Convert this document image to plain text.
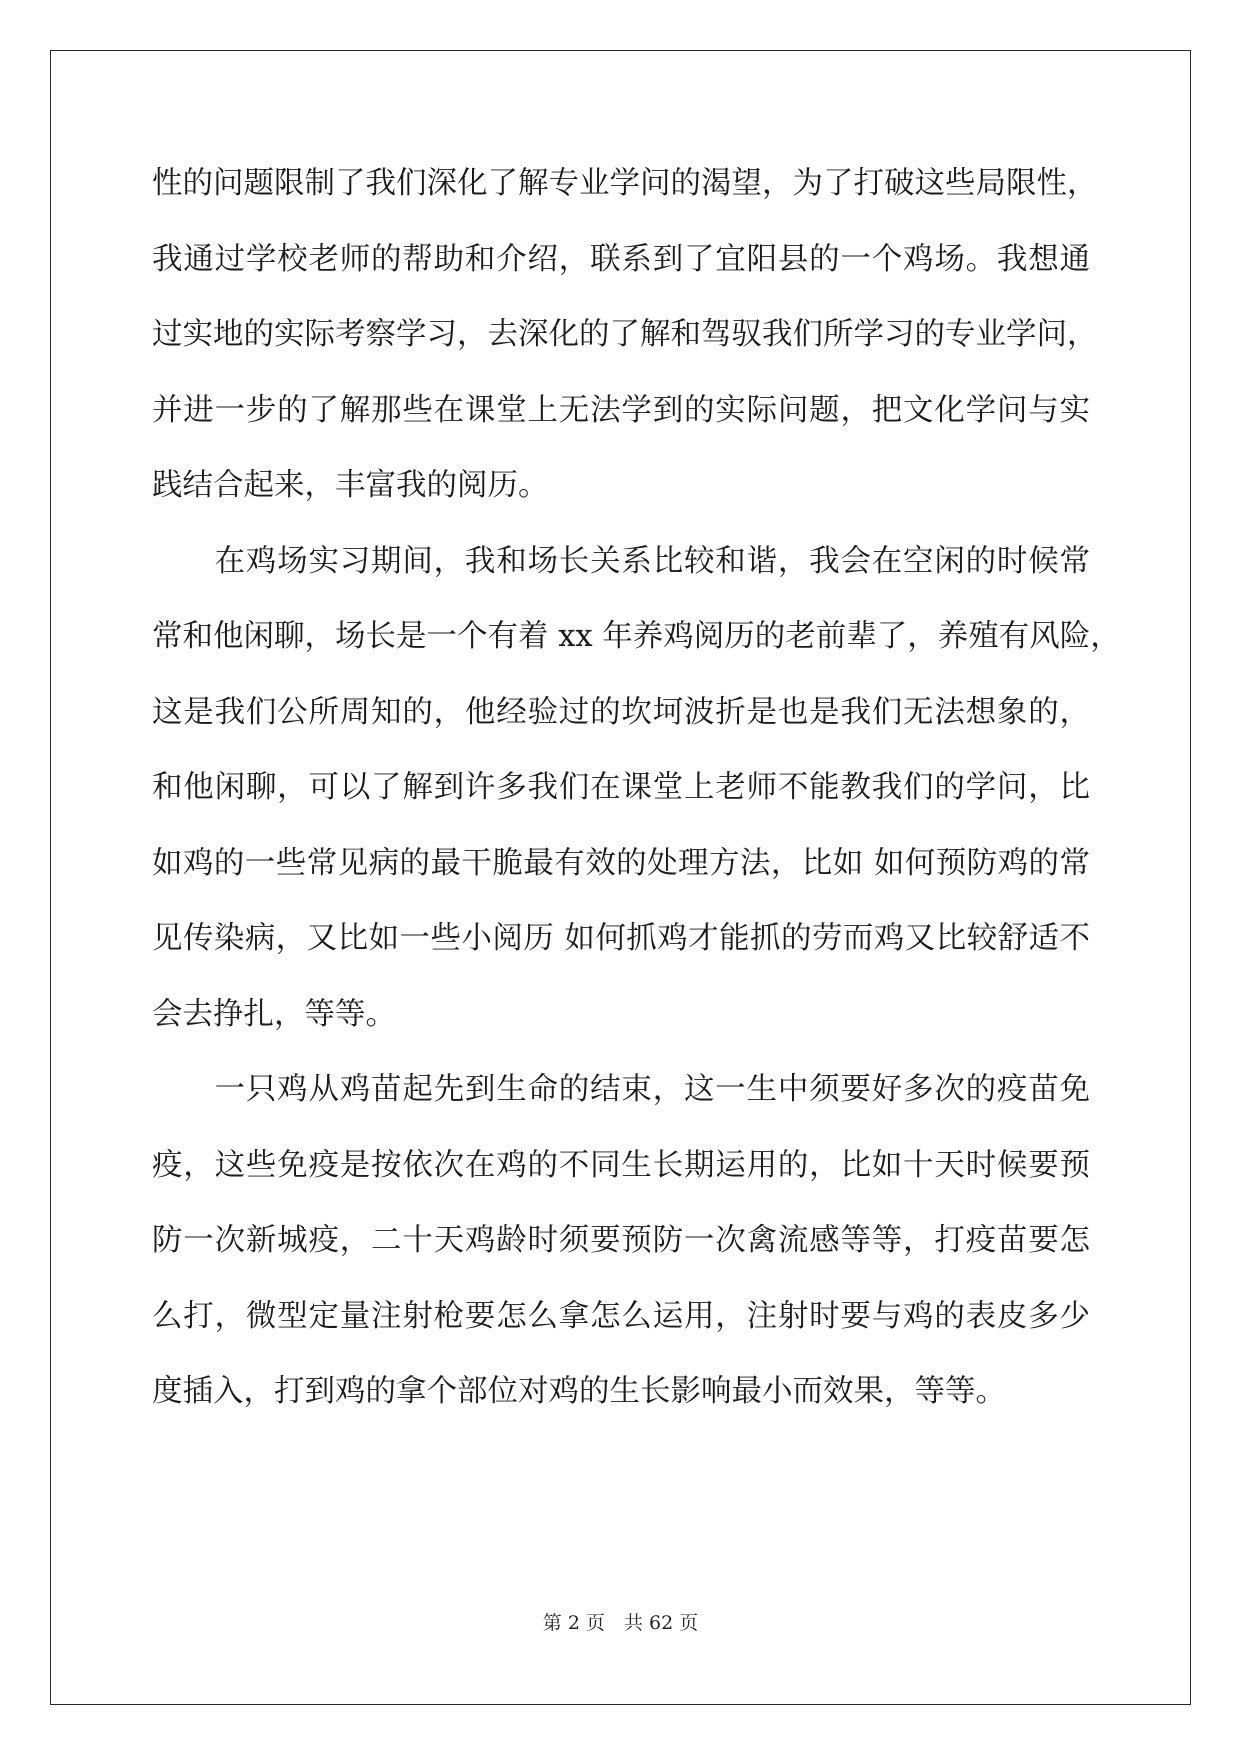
性的问题限制了我们深化了解专业学问的渴望，为了打破这些局限性，
我通过学校老师的帮助和介绍，联系到了宜阳县的一个鸡场。我想通
过实地的实际考察学习，去深化的了解和驾驭我们所学习的专业学问，
并进一步的了解那些在课堂上无法学到的实际问题，把文化学问与实
践结合起来，丰富我的阅历。
　　在鸡场实习期间，我和场长关系比较和谐，我会在空闲的时候常
常和他闲聊，场长是一个有着 xx 年养鸡阅历的老前辈了，养殖有风险，
这是我们公所周知的，他经验过的坎坷波折是也是我们无法想象的，
和他闲聊，可以了解到许多我们在课堂上老师不能教我们的学问，比
如鸡的一些常见病的最干脆最有效的处理方法，比如 如何预防鸡的常
见传染病，又比如一些小阅历 如何抓鸡才能抓的劳而鸡又比较舒适不
会去挣扎，等等。
　　一只鸡从鸡苗起先到生命的结束，这一生中须要好多次的疫苗免
疫，这些免疫是按依次在鸡的不同生长期运用的，比如十天时候要预
防一次新城疫，二十天鸡龄时须要预防一次禽流感等等，打疫苗要怎
么打，微型定量注射枪要怎么拿怎么运用，注射时要与鸡的表皮多少
度插入，打到鸡的拿个部位对鸡的生长影响最小而效果，等等。
第 2 页　共 62 页
